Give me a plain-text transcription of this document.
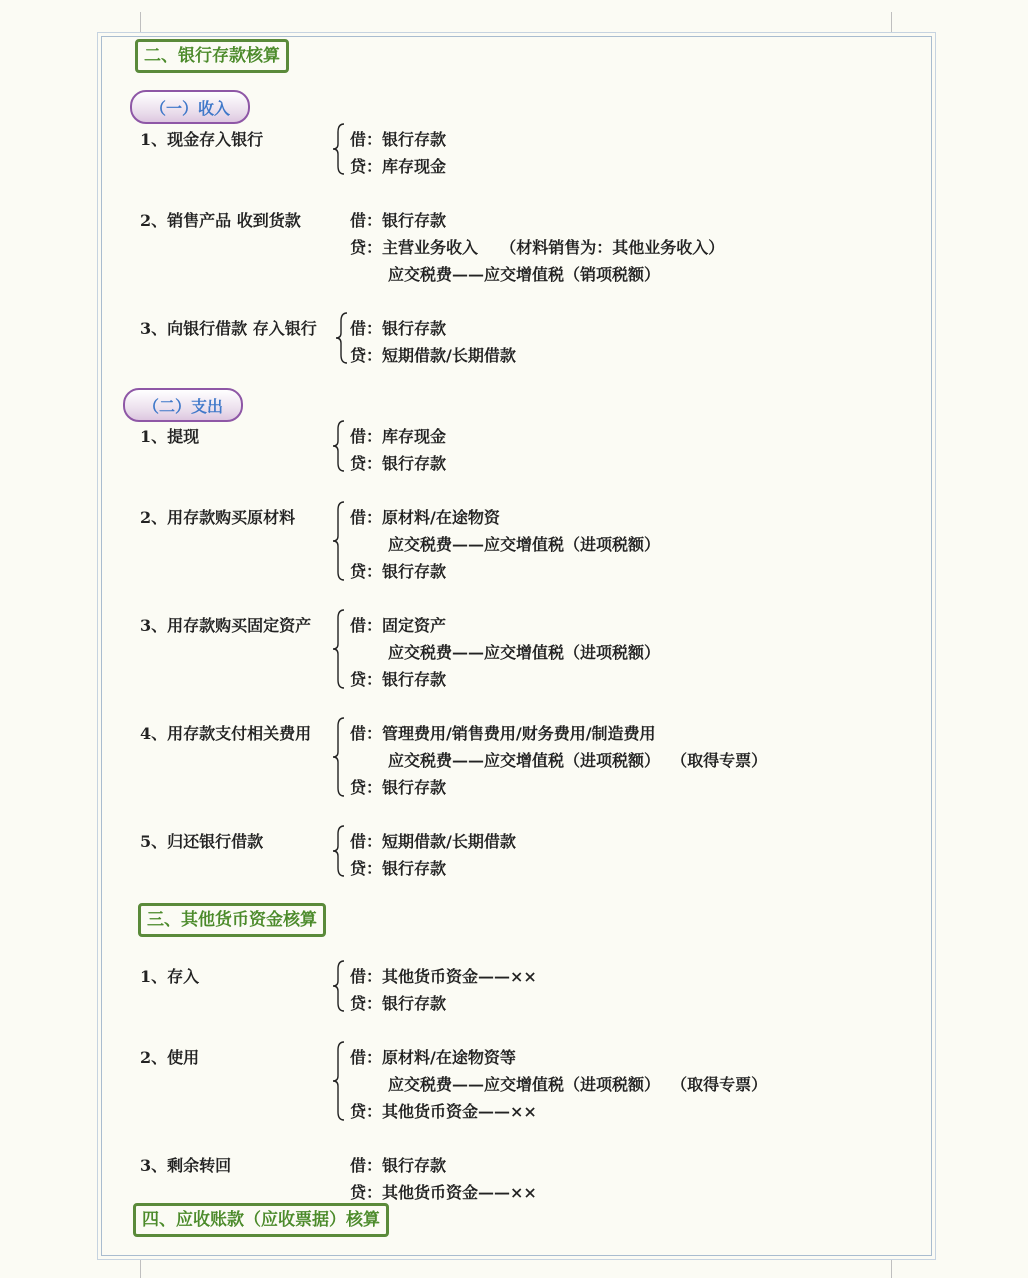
二、银行存款核算
（一）收入
1、现金存入银行	借：银行存款
贷：库存现金
2、销售产品 收到货款	借：银行存款
贷：主营业务收入    （材料销售为：其他业务收入）
应交税费——应交增值税（销项税额）
3、向银行借款 存入银行 借：银行存款
贷：短期借款/长期借款
（二）支出
1、提现	借：库存现金
贷：银行存款
2、用存款购买原材料	借：原材料/在途物资
应交税费——应交增值税（进项税额）
贷：银行存款
3、用存款购买固定资产 借：固定资产
应交税费——应交增值税（进项税额）
贷：银行存款
4、用存款支付相关费用 借：管理费用/销售费用/财务费用/制造费用
应交税费——应交增值税（进项税额）  （取得专票）
贷：银行存款
5、归还银行借款	借：短期借款/长期借款
贷：银行存款
三、其他货币资金核算
1、存入	借：其他货币资金——××
贷：银行存款
2、使用	借：原材料/在途物资等
应交税费——应交增值税（进项税额）  （取得专票）
贷：其他货币资金——××
3、剩余转回	借：银行存款
贷：其他货币资金——××
四、应收账款（应收票据）核算
